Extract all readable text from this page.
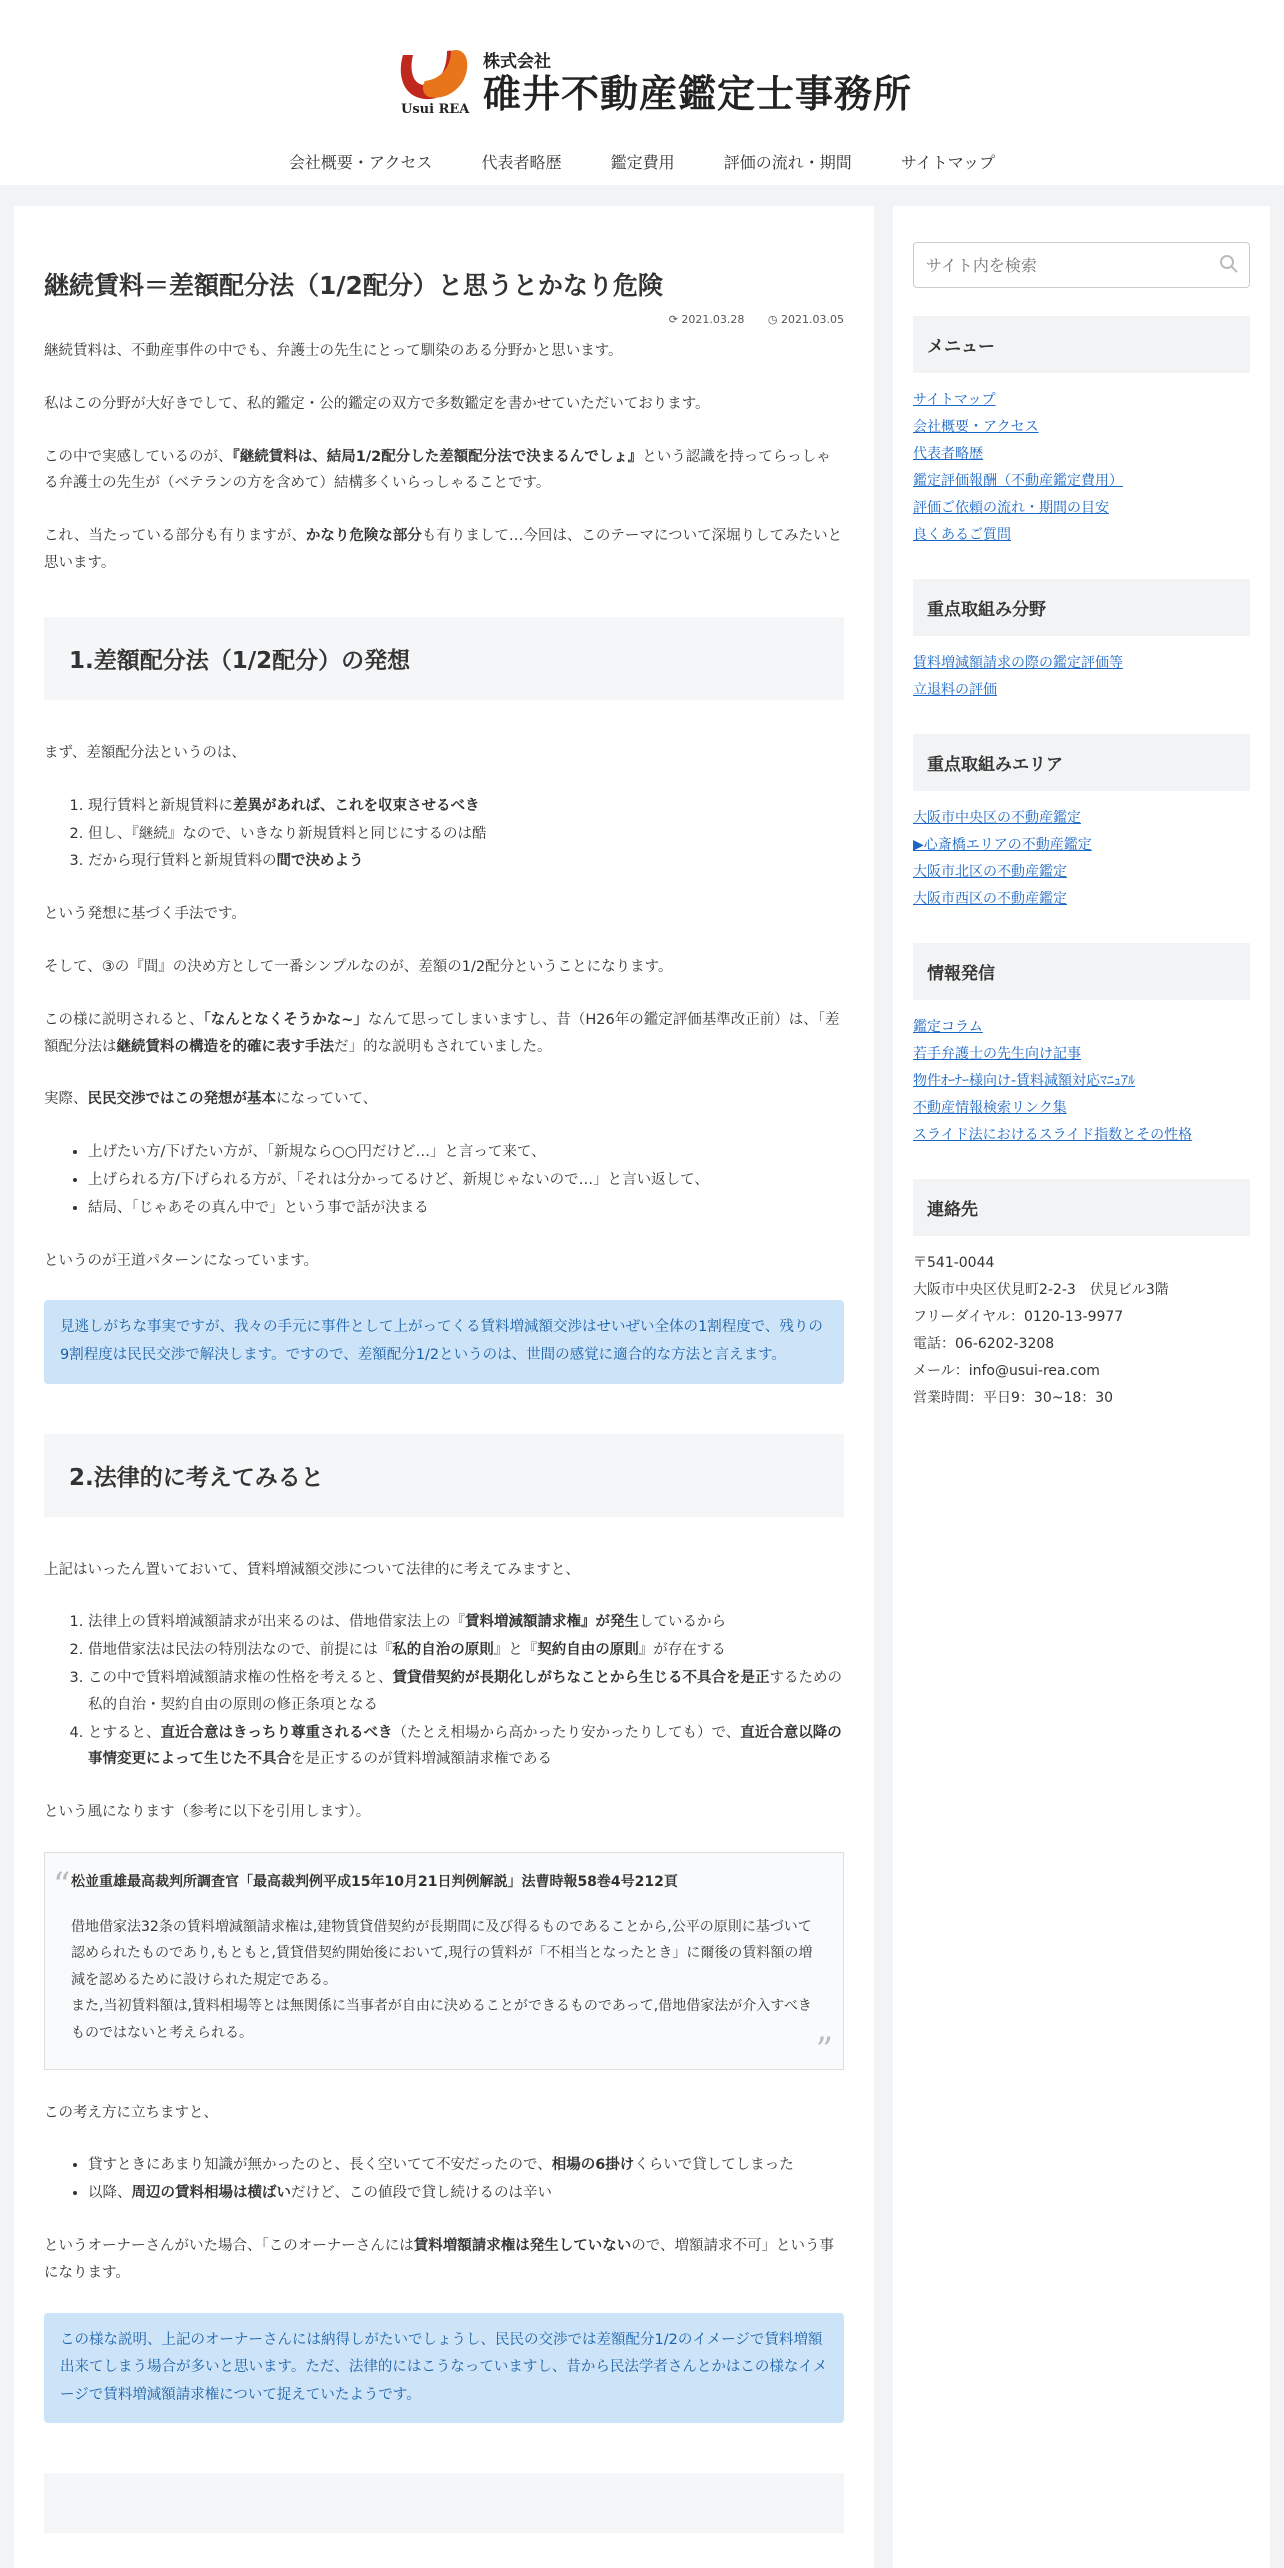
株式会社
碓井不動産鑑定士事務所
Usui REA
会社概要・アクセス	代表者略歴	鑑定費用	評価の流れ・期間	サイトマップ
継続賃料＝差額配分法（1/2配分）と思うとかなり危険
⟳ 2021.03.28 ◷ 2021.03.05

継続賃料は、不動産事件の中でも、弁護士の先生にとって馴染のある分野かと思います。

私はこの分野が大好きでして、私的鑑定・公的鑑定の双方で多数鑑定を書かせていただいております。

この中で実感しているのが、『継続賃料は、結局1/2配分した差額配分法で決まるんでしょ』という認識を持ってらっしゃる弁護士の先生が（ベテランの方を含めて）結構多くいらっしゃることです。

これ、当たっている部分も有りますが、かなり危険な部分も有りまして…今回は、このテーマについて深堀りしてみたいと思います。

1.差額配分法（1/2配分）の発想

まず、差額配分法というのは、

1. 現行賃料と新規賃料に差異があれば、これを収束させるべき
2. 但し、『継続』なので、いきなり新規賃料と同じにするのは酷
3. だから現行賃料と新規賃料の間で決めよう

という発想に基づく手法です。

そして、③の『間』の決め方として一番シンプルなのが、差額の1/2配分ということになります。

この様に説明されると、「なんとなくそうかな~」なんて思ってしまいますし、昔（H26年の鑑定評価基準改正前）は、「差額配分法は継続賃料の構造を的確に表す手法だ」的な説明もされていました。

実際、民民交渉ではこの発想が基本になっていて、

• 上げたい方/下げたい方が、「新規なら○○円だけど…」と言って来て、
• 上げられる方/下げられる方が、「それは分かってるけど、新規じゃないので…」と言い返して、
• 結局、「じゃあその真ん中で」という事で話が決まる

というのが王道パターンになっています。

見逃しがちな事実ですが、我々の手元に事件として上がってくる賃料増減額交渉はせいぜい全体の1割程度で、残りの9割程度は民民交渉で解決します。ですので、差額配分1/2というのは、世間の感覚に適合的な方法と言えます。
2.法律的に考えてみると

上記はいったん置いておいて、賃料増減額交渉について法律的に考えてみますと、

1. 法律上の賃料増減額請求が出来るのは、借地借家法上の『賃料増減額請求権』が発生しているから
2. 借地借家法は民法の特別法なので、前提には『私的自治の原則』と『契約自由の原則』が存在する
3. この中で賃料増減額請求権の性格を考えると、賃貸借契約が長期化しがちなことから生じる不具合を是正するための私的自治・契約自由の原則の修正条項となる
4. とすると、直近合意はきっちり尊重されるべき（たとえ相場から高かったり安かったりしても）で、直近合意以降の事情変更によって生じた不具合を是正するのが賃料増減額請求権である

という風になります（参考に以下を引用します）。

“ 松並重雄最高裁判所調査官「最高裁判例平成15年10月21日判例解説」法曹時報58巻4号212頁
借地借家法32条の賃料増減額請求権は,建物賃貸借契約が長期間に及び得るものであることから,公平の原則に基づいて認められたものであり,もともと,賃貸借契約開始後において,現行の賃料が「不相当となったとき」に爾後の賃料額の増減を認めるために設けられた規定である。
また,当初賃料額は,賃料相場等とは無関係に当事者が自由に決めることができるものであって,借地借家法が介入すべきものではないと考えられる。	”

この考え方に立ちますと、

• 貸すときにあまり知識が無かったのと、長く空いてて不安だったので、相場の6掛けくらいで貸してしまった
• 以降、周辺の賃料相場は横ばいだけど、この値段で貸し続けるのは辛い

というオーナーさんがいた場合、「このオーナーさんには賃料増額請求権は発生していないので、増額請求不可」という事になります。

この様な説明、上記のオーナーさんには納得しがたいでしょうし、民民の交渉では差額配分1/2のイメージで賃料増額出来てしまう場合が多いと思います。ただ、法律的にはこうなっていますし、昔から民法学者さんとかはこの様なイメージで賃料増減額請求権について捉えていたようです。
サイト内を検索
メニュー
サイトマップ
会社概要・アクセス
代表者略歴
鑑定評価報酬（不動産鑑定費用）
評価ご依頼の流れ・期間の目安
良くあるご質問
重点取組み分野
賃料増減額請求の際の鑑定評価等
立退料の評価
重点取組みエリア
大阪市中央区の不動産鑑定
▶心斎橋エリアの不動産鑑定
大阪市北区の不動産鑑定
大阪市西区の不動産鑑定
情報発信
鑑定コラム
若手弁護士の先生向け記事
物件ｵｰﾅｰ様向け-賃料減額対応ﾏﾆｭｱﾙ
不動産情報検索リンク集
スライド法におけるスライド指数とその性格
連絡先
〒541-0044
大阪市中央区伏見町2-2-3　伏見ビル3階
フリーダイヤル：0120-13-9977
電話：06-6202-3208
メール：info@usui-rea.com
営業時間：平日9：30~18：30
